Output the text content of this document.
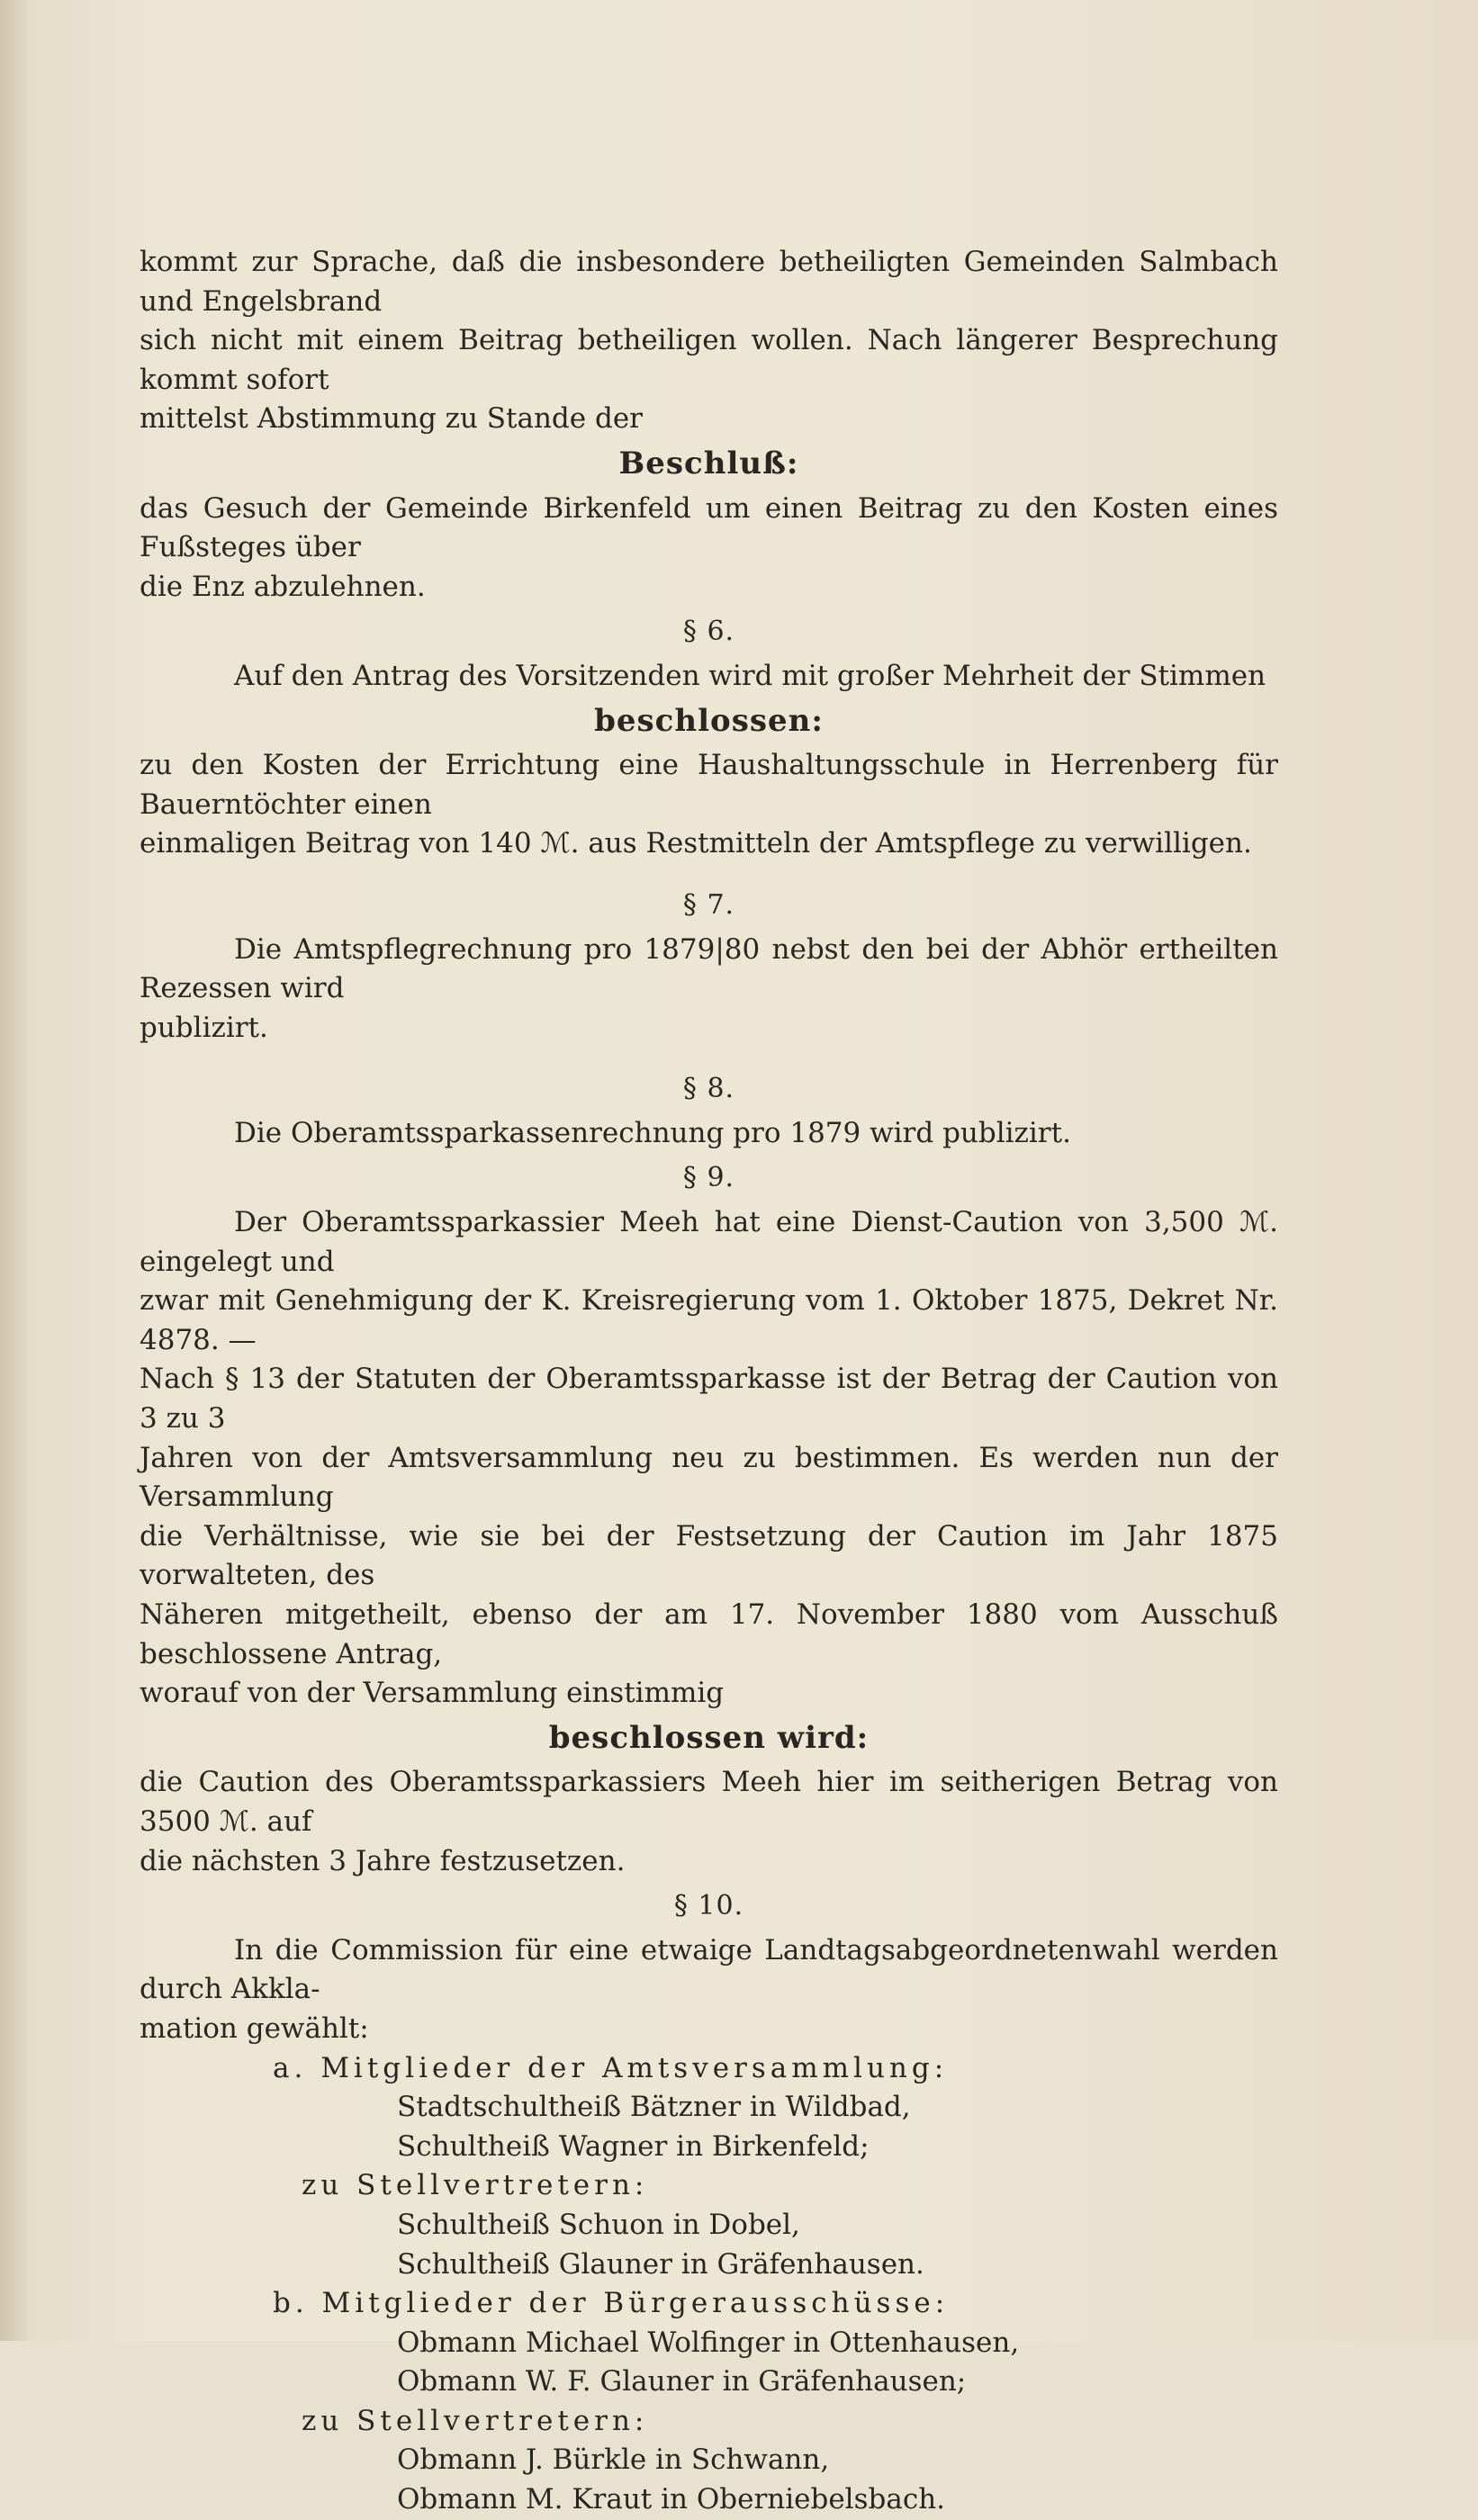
kommt zur Sprache, daß die insbesondere betheiligten Gemeinden Salmbach und Engelsbrand

sich nicht mit einem Beitrag betheiligen wollen. Nach längerer Besprechung kommt sofort

mittelst Abstimmung zu Stande der

Beschluß:

das Gesuch der Gemeinde Birkenfeld um einen Beitrag zu den Kosten eines Fußsteges über

die Enz abzulehnen.

§ 6.

Auf den Antrag des Vorsitzenden wird mit großer Mehrheit der Stimmen

beschlossen:

zu den Kosten der Errichtung eine Haushaltungsschule in Herrenberg für Bauerntöchter einen

einmaligen Beitrag von 140 ℳ. aus Restmitteln der Amtspflege zu verwilligen.

§ 7.

Die Amtspflegrechnung pro 1879|80 nebst den bei der Abhör ertheilten Rezessen wird

publizirt.

§ 8.

Die Oberamtssparkassenrechnung pro 1879 wird publizirt.

§ 9.

Der Oberamtssparkassier Meeh hat eine Dienst-Caution von 3,500 ℳ. eingelegt und

zwar mit Genehmigung der K. Kreisregierung vom 1. Oktober 1875, Dekret Nr. 4878. —

Nach § 13 der Statuten der Oberamtssparkasse ist der Betrag der Caution von 3 zu 3

Jahren von der Amtsversammlung neu zu bestimmen. Es werden nun der Versammlung

die Verhältnisse, wie sie bei der Festsetzung der Caution im Jahr 1875 vorwalteten, des

Näheren mitgetheilt, ebenso der am 17. November 1880 vom Ausschuß beschlossene Antrag,

worauf von der Versammlung einstimmig

beschlossen wird:

die Caution des Oberamtssparkassiers Meeh hier im seitherigen Betrag von 3500 ℳ. auf

die nächsten 3 Jahre festzusetzen.

§ 10.

In die Commission für eine etwaige Landtagsabgeordnetenwahl werden durch Akkla-

mation gewählt:

a. Mitglieder der Amtsversammlung:

Stadtschultheiß Bätzner in Wildbad,

Schultheiß Wagner in Birkenfeld;

zu Stellvertretern:

Schultheiß Schuon in Dobel,

Schultheiß Glauner in Gräfenhausen.

b. Mitglieder der Bürgerausschüsse:

Obmann Michael Wolfinger in Ottenhausen,

Obmann W. F. Glauner in Gräfenhausen;

zu Stellvertretern:

Obmann J. Bürkle in Schwann,

Obmann M. Kraut in Oberniebelsbach.
